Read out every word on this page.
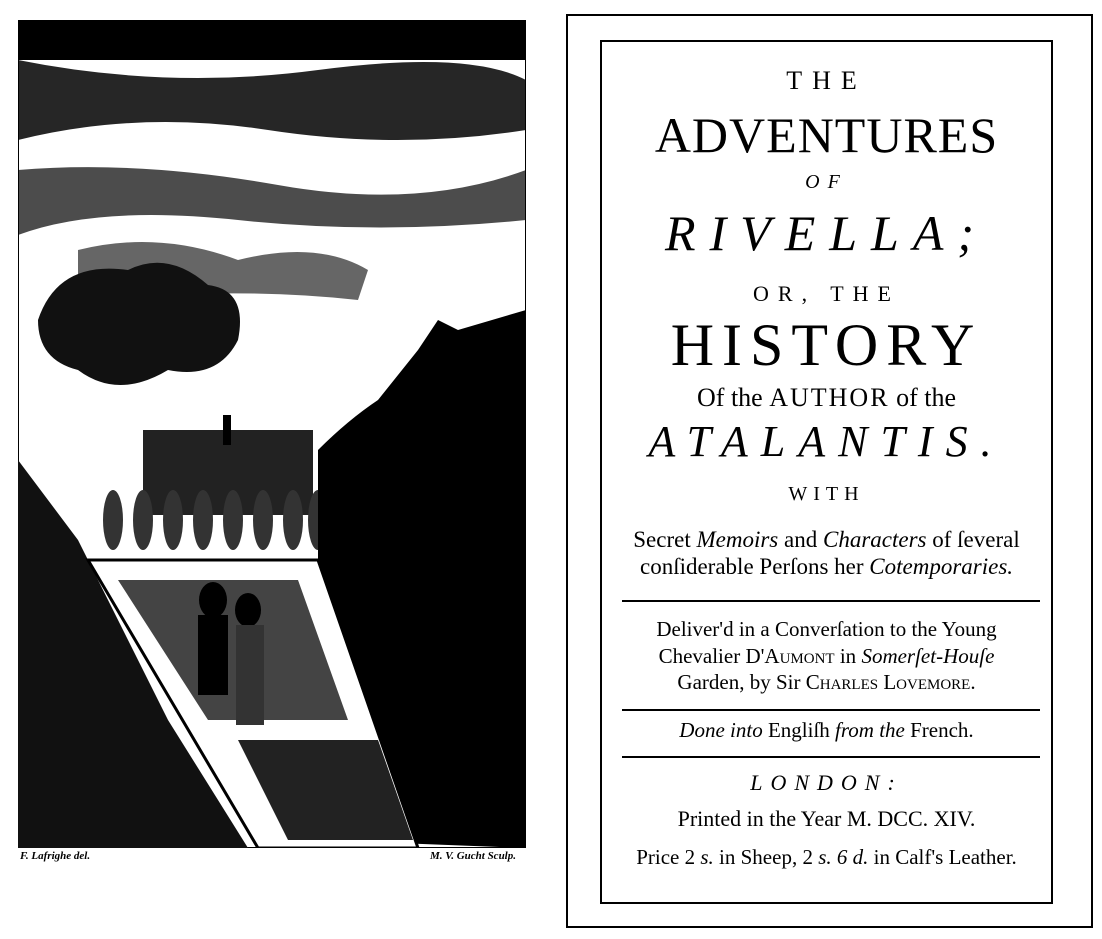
F. Lafrighe del.	M. V. Gucht Sculp.
THE
ADVENTURES
OF
RIVELLA;
OR, THE
HISTORY
Of the AUTHOR of the
ATALANTIS.
WITH
Secret Memoirs and Characters of ſeveral
conſiderable Perſons her Cotemporaries.
Deliver'd in a Converſation to the Young
Chevalier D'Aumont in Somerſet-Houſe
Garden, by Sir Charles Lovemore.
Done into Engliſh from the French.
LONDON:
Printed in the Year M. DCC. XIV.
Price 2 s. in Sheep, 2 s. 6 d. in Calf's Leather.
